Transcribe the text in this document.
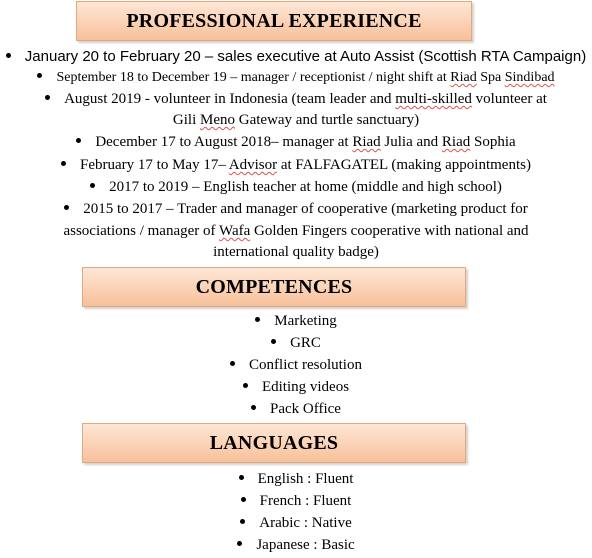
PROFESSIONAL EXPERIENCE
January 20 to February 20 – sales executive at Auto Assist (Scottish RTA Campaign)
September 18 to December 19 – manager / receptionist / night shift at Riad Spa Sindibad
August 2019 - volunteer in Indonesia (team leader and multi-skilled volunteer at
Gili Meno Gateway and turtle sanctuary)
December 17 to August 2018– manager at Riad Julia and Riad Sophia
February 17 to May 17– Advisor at FALFAGATEL (making appointments)
2017 to 2019 – English teacher at home (middle and high school)
2015 to 2017 – Trader and manager of cooperative (marketing product for
associations / manager of Wafa Golden Fingers cooperative with national and
international quality badge)
COMPETENCES
Marketing
GRC
Conflict resolution
Editing videos
Pack Office
LANGUAGES
English : Fluent
French : Fluent
Arabic : Native
Japanese : Basic
